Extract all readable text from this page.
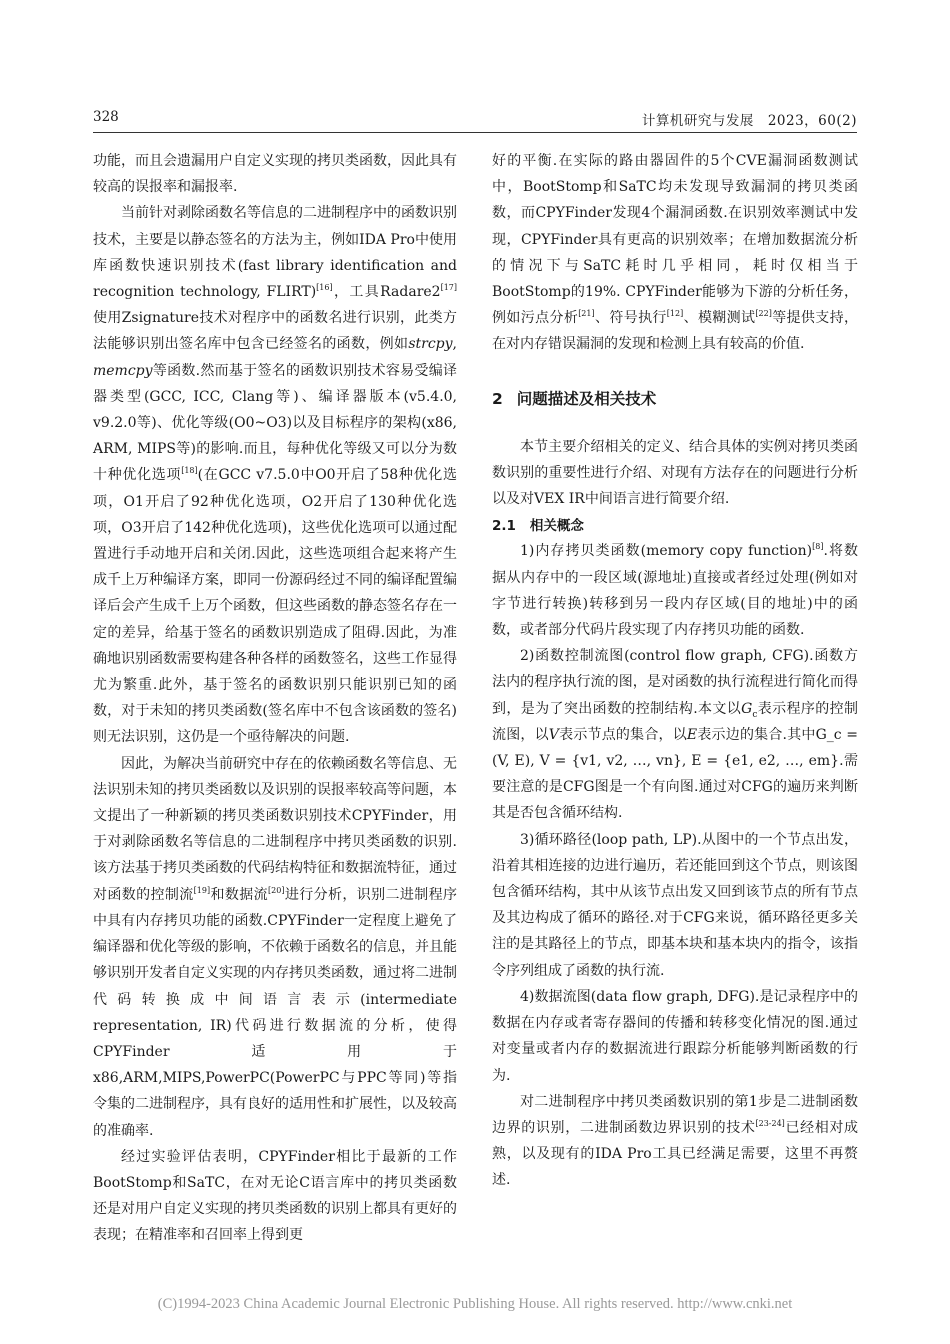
328	计算机研究与发展　2023，60(2)

功能，而且会遗漏用户自定义实现的拷贝类函数，因此具有较高的误报率和漏报率.

当前针对剥除函数名等信息的二进制程序中的函数识别技术，主要是以静态签名的方法为主，例如IDA Pro中使用库函数快速识别技术(fast library identification and recognition technology, FLIRT)[16]，工具Radare2[17]使用Zsignature技术对程序中的函数名进行识别，此类方法能够识别出签名库中包含已经签名的函数，例如strcpy, memcpy等函数.然而基于签名的函数识别技术容易受编译器类型(GCC, ICC, Clang等)、编译器版本(v5.4.0, v9.2.0等)、优化等级(O0~O3)以及目标程序的架构(x86, ARM, MIPS等)的影响.而且，每种优化等级又可以分为数十种优化选项[18](在GCC v7.5.0中O0开启了58种优化选项，O1开启了92种优化选项，O2开启了130种优化选项，O3开启了142种优化选项)，这些优化选项可以通过配置进行手动地开启和关闭.因此，这些选项组合起来将产生成千上万种编译方案，即同一份源码经过不同的编译配置编译后会产生成千上万个函数，但这些函数的静态签名存在一定的差异，给基于签名的函数识别造成了阻碍.因此，为准确地识别函数需要构建各种各样的函数签名，这些工作显得尤为繁重.此外，基于签名的函数识别只能识别已知的函数，对于未知的拷贝类函数(签名库中不包含该函数的签名)则无法识别，这仍是一个亟待解决的问题.

因此，为解决当前研究中存在的依赖函数名等信息、无法识别未知的拷贝类函数以及识别的误报率较高等问题，本文提出了一种新颖的拷贝类函数识别技术CPYFinder，用于对剥除函数名等信息的二进制程序中拷贝类函数的识别.该方法基于拷贝类函数的代码结构特征和数据流特征，通过对函数的控制流[19]和数据流[20]进行分析，识别二进制程序中具有内存拷贝功能的函数.CPYFinder一定程度上避免了编译器和优化等级的影响，不依赖于函数名的信息，并且能够识别开发者自定义实现的内存拷贝类函数，通过将二进制代码转换成中间语言表示(intermediate representation, IR)代码进行数据流的分析，使得CPYFinder适用于x86,ARM,MIPS,PowerPC(PowerPC与PPC等同)等指令集的二进制程序，具有良好的适用性和扩展性，以及较高的准确率.

经过实验评估表明，CPYFinder相比于最新的工作BootStomp和SaTC，在对无论C语言库中的拷贝类函数还是对用户自定义实现的拷贝类函数的识别上都具有更好的表现；在精准率和召回率上得到更

好的平衡.在实际的路由器固件的5个CVE漏洞函数测试中，BootStomp和SaTC均未发现导致漏洞的拷贝类函数，而CPYFinder发现4个漏洞函数.在识别效率测试中发现，CPYFinder具有更高的识别效率；在增加数据流分析的情况下与SaTC耗时几乎相同，耗时仅相当于BootStomp的19%. CPYFinder能够为下游的分析任务，例如污点分析[21]、符号执行[12]、模糊测试[22]等提供支持，在对内存错误漏洞的发现和检测上具有较高的价值.

2 问题描述及相关技术

本节主要介绍相关的定义、结合具体的实例对拷贝类函数识别的重要性进行介绍、对现有方法存在的问题进行分析以及对VEX IR中间语言进行简要介绍.

2.1 相关概念

1)内存拷贝类函数(memory copy function)[8].将数据从内存中的一段区域(源地址)直接或者经过处理(例如对字节进行转换)转移到另一段内存区域(目的地址)中的函数，或者部分代码片段实现了内存拷贝功能的函数.

2)函数控制流图(control flow graph, CFG).函数方法内的程序执行流的图，是对函数的执行流程进行简化而得到，是为了突出函数的控制结构.本文以$G_c$表示程序的控制流图，以V表示节点的集合，以E表示边的集合.其中G_c = (V, E), V = {v1, v2, …, vn}, E = {e1, e2, …, em}.需要注意的是CFG图是一个有向图.通过对CFG的遍历来判断其是否包含循环结构.

3)循环路径(loop path, LP).从图中的一个节点出发，沿着其相连接的边进行遍历，若还能回到这个节点，则该图包含循环结构，其中从该节点出发又回到该节点的所有节点及其边构成了循环的路径.对于CFG来说，循环路径更多关注的是其路径上的节点，即基本块和基本块内的指令，该指令序列组成了函数的执行流.

4)数据流图(data flow graph, DFG).是记录程序中的数据在内存或者寄存器间的传播和转移变化情况的图.通过对变量或者内存的数据流进行跟踪分析能够判断函数的行为.

对二进制程序中拷贝类函数识别的第1步是二进制函数边界的识别，二进制函数边界识别的技术[23-24]已经相对成熟，以及现有的IDA Pro工具已经满足需要，这里不再赘述.

(C)1994-2023 China Academic Journal Electronic Publishing House. All rights reserved. http://www.cnki.net
